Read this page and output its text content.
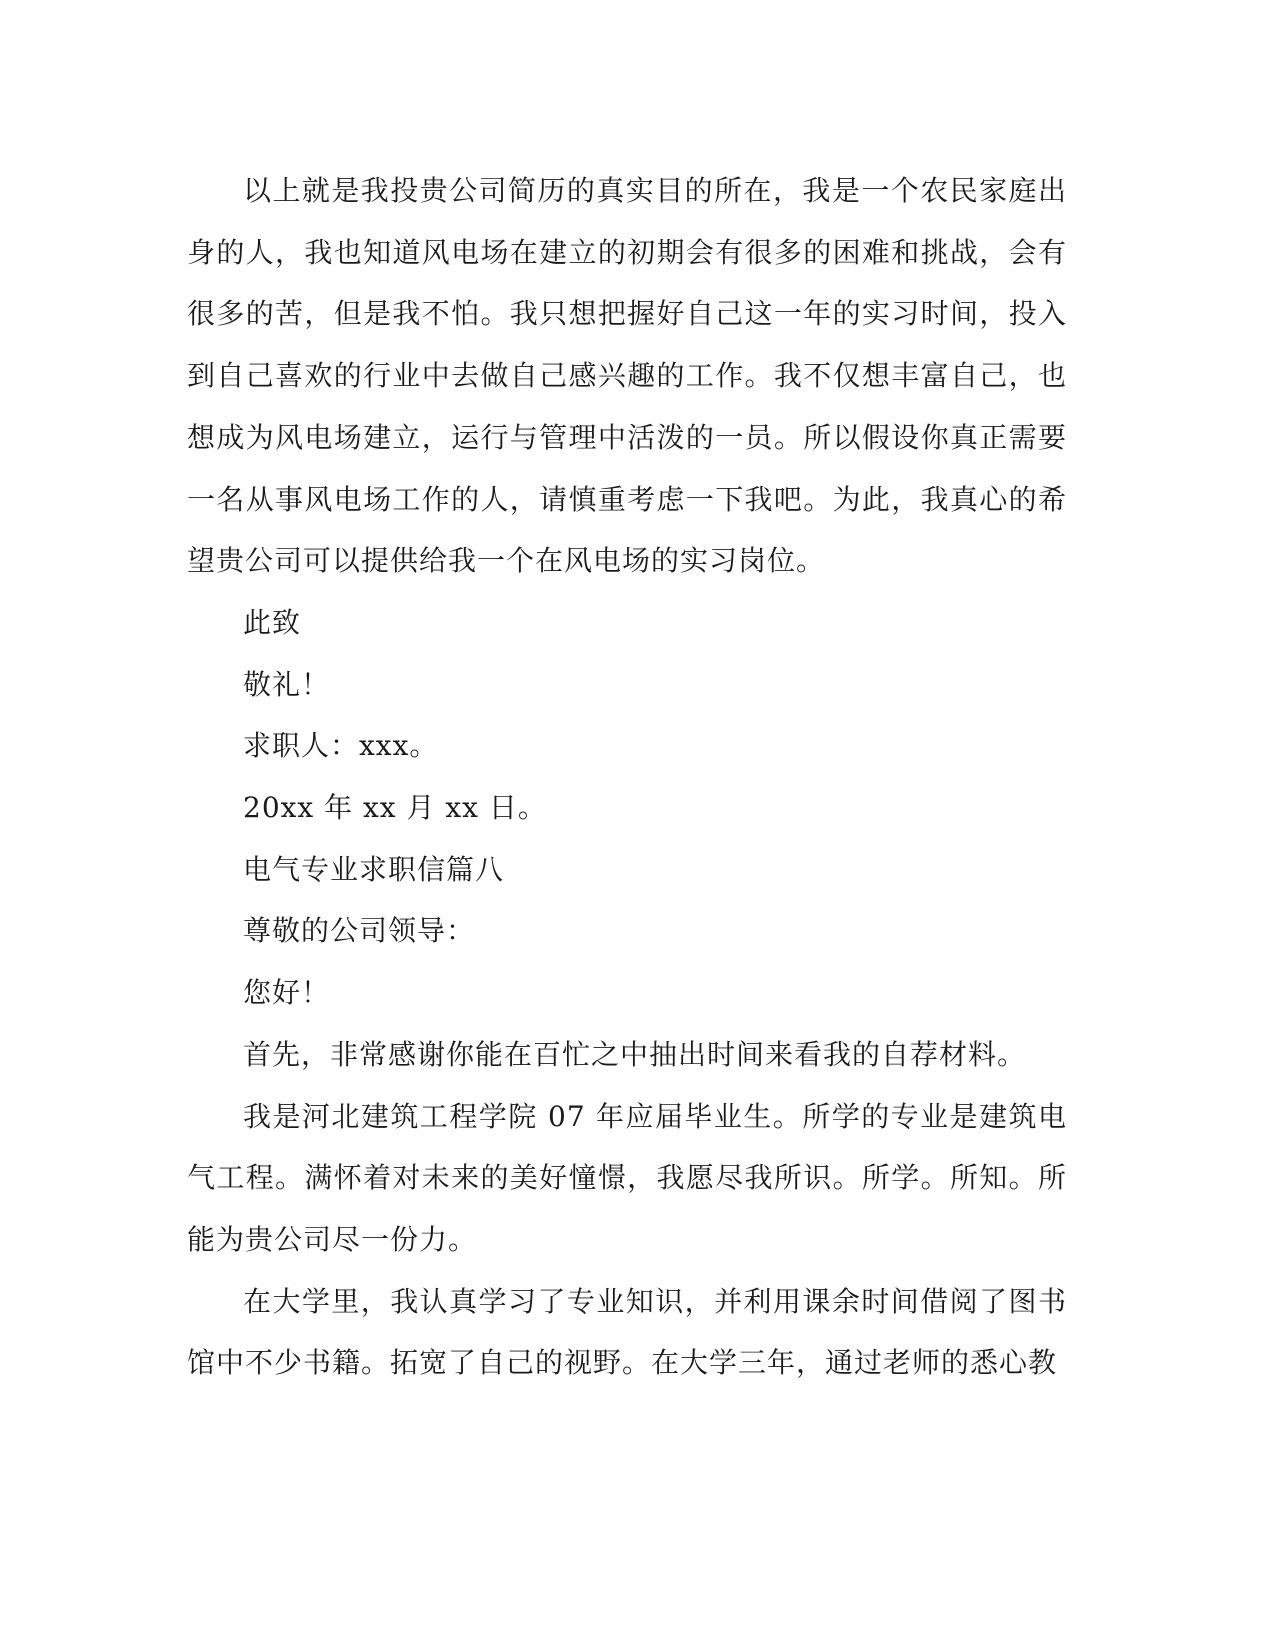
以上就是我投贵公司简历的真实目的所在，我是一个农民家庭出身的人，我也知道风电场在建立的初期会有很多的困难和挑战，会有很多的苦，但是我不怕。我只想把握好自己这一年的实习时间，投入到自己喜欢的行业中去做自己感兴趣的工作。我不仅想丰富自己，也想成为风电场建立，运行与管理中活泼的一员。所以假设你真正需要一名从事风电场工作的人，请慎重考虑一下我吧。为此，我真心的希望贵公司可以提供给我一个在风电场的实习岗位。

此致

敬礼！

求职人：xxx。

20xx 年 xx 月 xx 日。

电气专业求职信篇八

尊敬的公司领导：

您好！

首先，非常感谢你能在百忙之中抽出时间来看我的自荐材料。

我是河北建筑工程学院 07 年应届毕业生。所学的专业是建筑电气工程。满怀着对未来的美好憧憬，我愿尽我所识。所学。所知。所能为贵公司尽一份力。

在大学里，我认真学习了专业知识，并利用课余时间借阅了图书馆中不少书籍。拓宽了自己的视野。在大学三年，通过老师的悉心教
